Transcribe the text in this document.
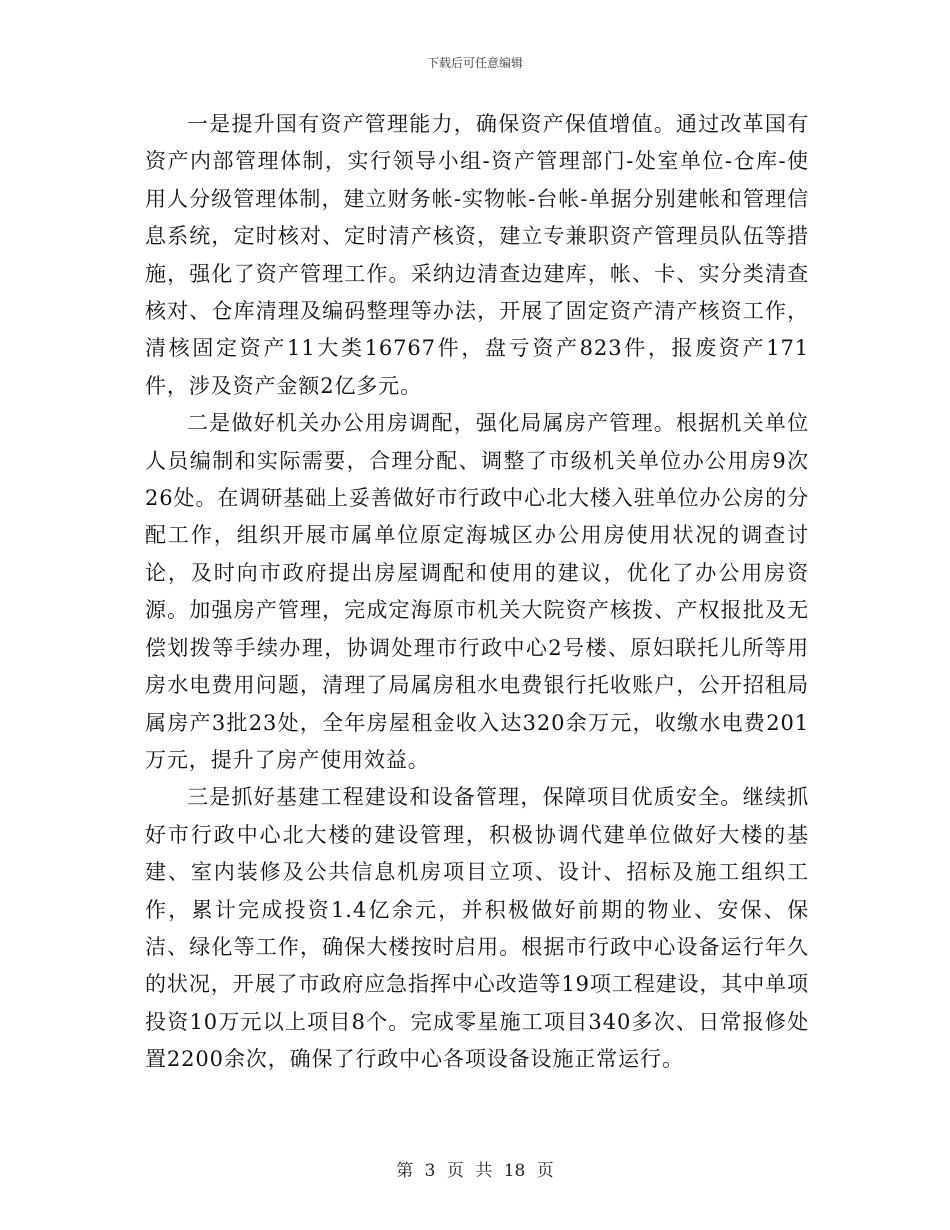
下载后可任意编辑

一是提升国有资产管理能力，确保资产保值增值。通过改革国有资产内部管理体制，实行领导小组-资产管理部门-处室单位-仓库-使用人分级管理体制，建立财务帐-实物帐-台帐-单据分别建帐和管理信息系统，定时核对、定时清产核资，建立专兼职资产管理员队伍等措施，强化了资产管理工作。采纳边清查边建库，帐、卡、实分类清查核对、仓库清理及编码整理等办法，开展了固定资产清产核资工作，清核固定资产11大类16767件，盘亏资产823件，报废资产171件，涉及资产金额2亿多元。

二是做好机关办公用房调配，强化局属房产管理。根据机关单位人员编制和实际需要，合理分配、调整了市级机关单位办公用房9次26处。在调研基础上妥善做好市行政中心北大楼入驻单位办公房的分配工作，组织开展市属单位原定海城区办公用房使用状况的调查讨论，及时向市政府提出房屋调配和使用的建议，优化了办公用房资源。加强房产管理，完成定海原市机关大院资产核拨、产权报批及无偿划拨等手续办理，协调处理市行政中心2号楼、原妇联托儿所等用房水电费用问题，清理了局属房租水电费银行托收账户，公开招租局属房产3批23处，全年房屋租金收入达320余万元，收缴水电费201万元，提升了房产使用效益。

三是抓好基建工程建设和设备管理，保障项目优质安全。继续抓好市行政中心北大楼的建设管理，积极协调代建单位做好大楼的基建、室内装修及公共信息机房项目立项、设计、招标及施工组织工作，累计完成投资1.4亿余元，并积极做好前期的物业、安保、保洁、绿化等工作，确保大楼按时启用。根据市行政中心设备运行年久的状况，开展了市政府应急指挥中心改造等19项工程建设，其中单项投资10万元以上项目8个。完成零星施工项目340多次、日常报修处置2200余次，确保了行政中心各项设备设施正常运行。

第 3 页 共 18 页
